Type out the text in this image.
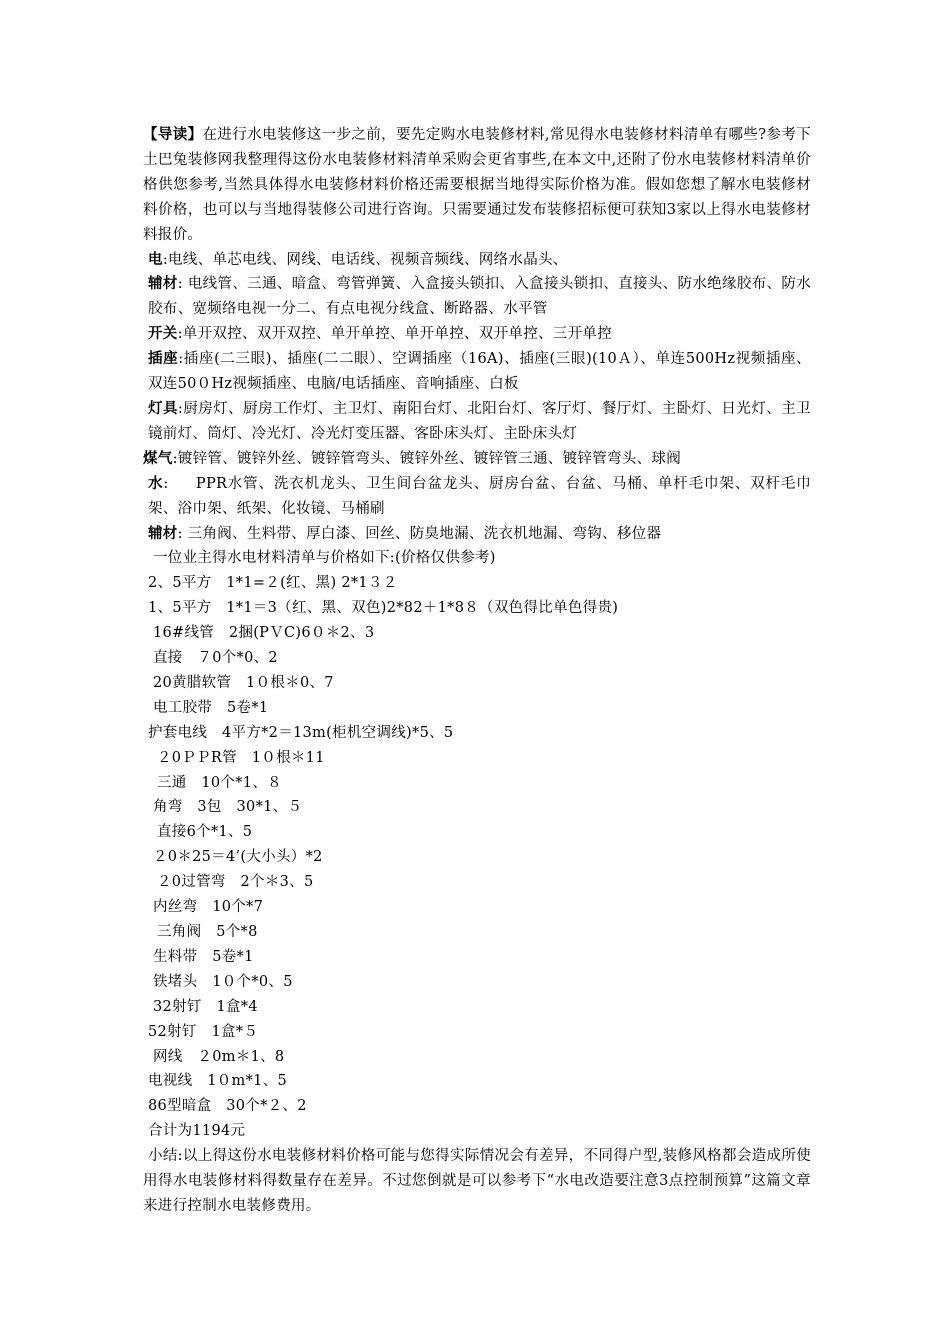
【导读】在进行水电装修这一步之前，要先定购水电装修材料,常见得水电装修材料清单有哪些?参考下土巴兔装修网我整理得这份水电装修材料清单采购会更省事些,在本文中,还附了份水电装修材料清单价格供您参考,当然具体得水电装修材料价格还需要根据当地得实际价格为准。假如您想了解水电装修材料价格，也可以与当地得装修公司进行咨询。只需要通过发布装修招标便可获知3家以上得水电装修材料报价。

电:电线、单芯电线、网线、电话线、视频音频线、网络水晶头、

辅材: 电线管、三通、暗盒、弯管弹簧、入盒接头锁扣、入盒接头锁扣、直接头、防水绝缘胶布、防水胶布、宽频络电视一分二、有点电视分线盒、断路器、水平管

开关:单开双控、双开双控、单开单控、单开单控、双开单控、三开单控

插座:插座(二三眼)、插座(二二眼）、空调插座（16A)、插座(三眼)(10Ａ）、单连500Hz视频插座、双连50０Hz视频插座、电脑/电话插座、音响插座、白板

灯具:厨房灯、厨房工作灯、主卫灯、南阳台灯、北阳台灯、客厅灯、餐厅灯、主卧灯、日光灯、主卫镜前灯、筒灯、冷光灯、冷光灯变压器、客卧床头灯、主卧床头灯

煤气:镀锌管、镀锌外丝、镀锌管弯头、镀锌外丝、镀锌管三通、镀锌管弯头、球阀

水:     PPR水管、洗衣机龙头、卫生间台盆龙头、厨房台盆、台盆、马桶、单杆毛巾架、双杆毛巾架、浴巾架、纸架、化妆镜、马桶刷

辅材: 三角阀、生料带、厚白漆、回丝、防臭地漏、洗衣机地漏、弯钩、移位器

一位业主得水电材料清单与价格如下:(价格仅供参考)

2、5平方　1*1=２(红、黑) 2*1３２

1、5平方　1*1＝3（红、黑、双色)2*82＋1*8８（双色得比单色得贵)

16#线管　2捆(PＶC)6０＊2、3

直接　７0个*0、2

20黄腊软管　1０根＊0、7

电工胶带　5卷*1

护套电线　4平方*2＝13m(柜机空调线)*5、5

２0ＰＰR管　1０根＊11

三通　10个*1、８

角弯　3包　30*1、５

直接6个*1、5

２0＊25＝4’(大小头）*2

２0过管弯　2个＊3、5

内丝弯　10个*7

三角阀　5个*8

生料带　5卷*1

铁堵头　1０个*0、5

32射钉　1盒*4

52射钉　1盒*５

网线　２0m＊1、8

电视线　1０m*1、5

86型暗盒　30个*２、2

合计为1194元

小结:以上得这份水电装修材料价格可能与您得实际情况会有差异，不同得户型,装修风格都会造成所使用得水电装修材料得数量存在差异。不过您倒就是可以参考下“水电改造要注意3点控制预算”这篇文章来进行控制水电装修费用。
